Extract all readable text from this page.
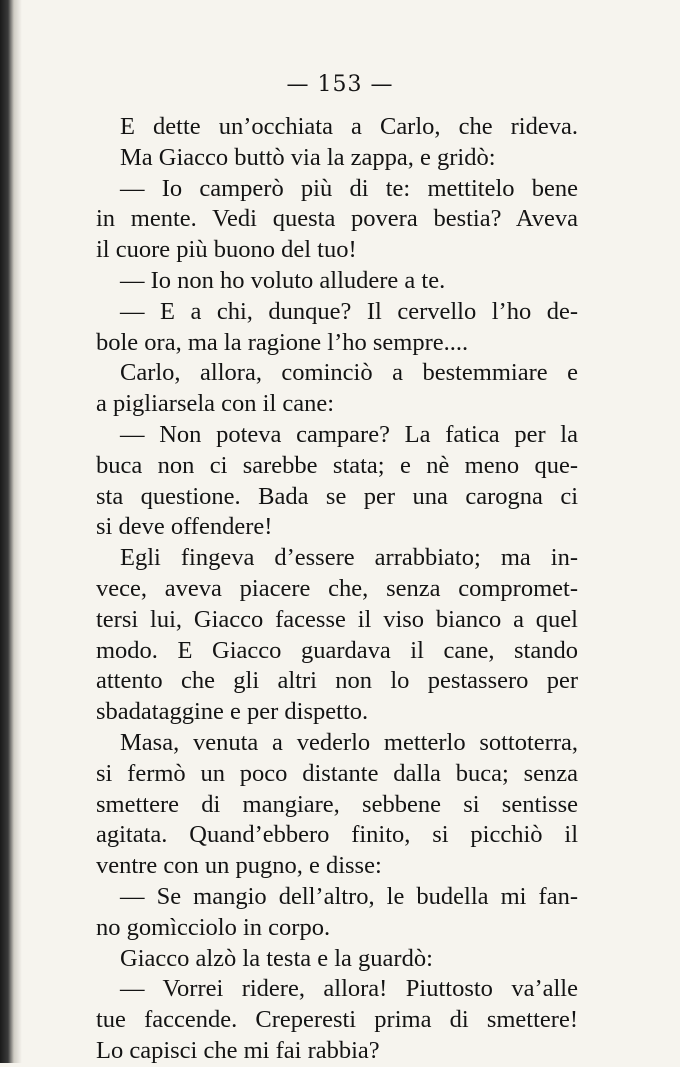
— 153 —
E dette un’occhiata a Carlo, che rideva.
Ma Giacco buttò via la zappa, e gridò:
— Io camperò più di te: mettitelo bene
in mente. Vedi questa povera bestia? Aveva
il cuore più buono del tuo!
— Io non ho voluto alludere a te.
— E a chi, dunque? Il cervello l’ho de-
bole ora, ma la ragione l’ho sempre....
Carlo, allora, cominciò a bestemmiare e
a pigliarsela con il cane:
— Non poteva campare? La fatica per la
buca non ci sarebbe stata; e nè meno que-
sta questione. Bada se per una carogna ci
si deve offendere!
Egli fingeva d’essere arrabbiato; ma in-
vece, aveva piacere che, senza compromet-
tersi lui, Giacco facesse il viso bianco a quel
modo. E Giacco guardava il cane, stando
attento che gli altri non lo pestassero per
sbadataggine e per dispetto.
Masa, venuta a vederlo metterlo sottoterra,
si fermò un poco distante dalla buca; senza
smettere di mangiare, sebbene si sentisse
agitata. Quand’ebbero finito, si picchiò il
ventre con un pugno, e disse:
— Se mangio dell’altro, le budella mi fan-
no gomìcciolo in corpo.
Giacco alzò la testa e la guardò:
— Vorrei ridere, allora! Piuttosto va’alle
tue faccende. Creperesti prima di smettere!
Lo capisci che mi fai rabbia?
